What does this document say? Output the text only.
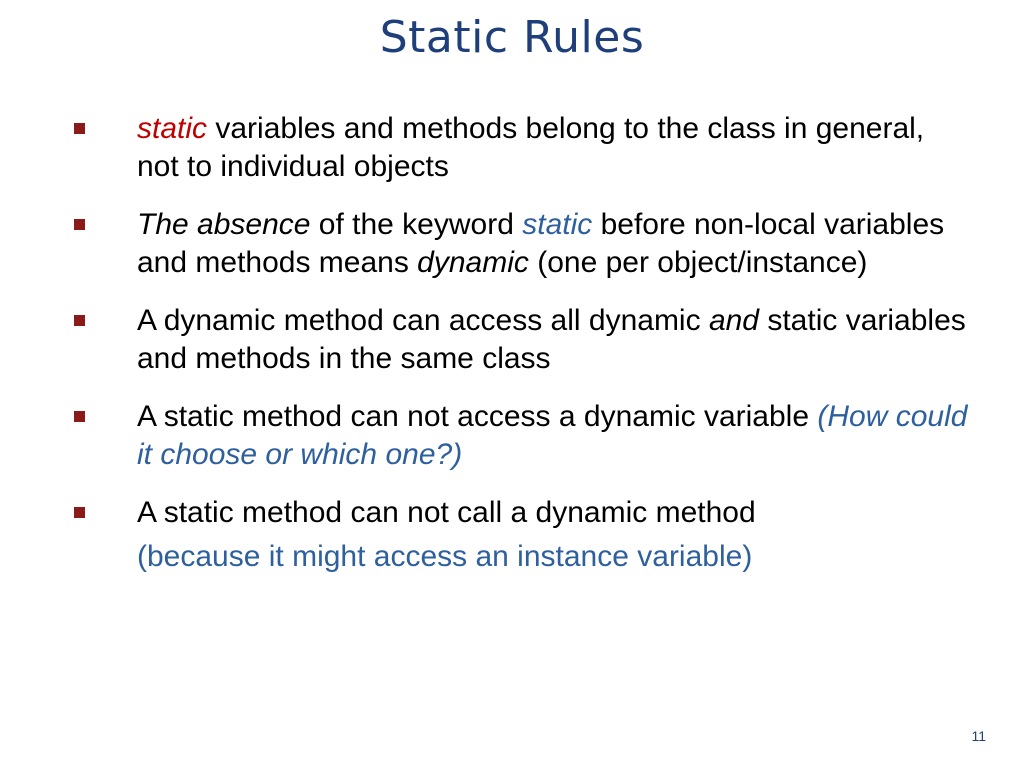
Static Rules
static variables and methods belong to the class in general, not to individual objects
The absence of the keyword static before non-local variables and methods means dynamic (one per object/instance)
A dynamic method can access all dynamic and static variables and methods in the same class
A static method can not access a dynamic variable (How could it choose or which one?)
A static method can not call a dynamic method
(because it might access an instance variable)
11
